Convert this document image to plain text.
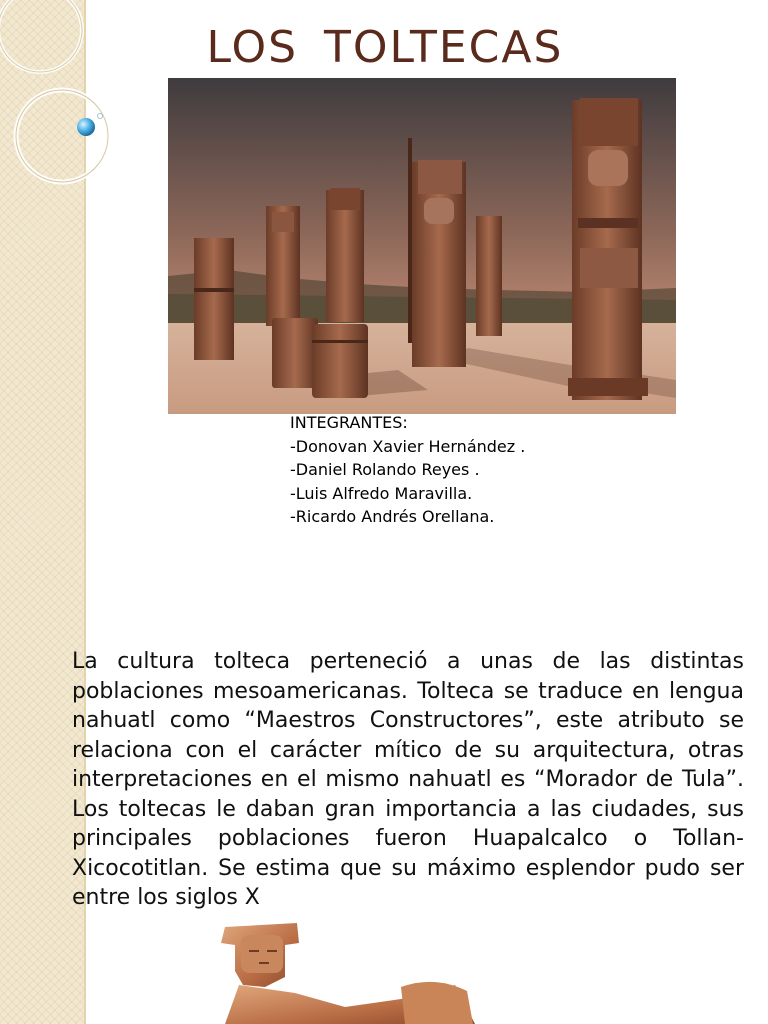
LOS TOLTECAS
INTEGRANTES:
-Donovan Xavier Hernández .
-Daniel Rolando Reyes .
-Luis Alfredo Maravilla.
-Ricardo Andrés Orellana.

La cultura tolteca perteneció a unas de las distintas poblaciones mesoamericanas. Tolteca se traduce en lengua nahuatl como “Maestros Constructores”, este atributo se relaciona con el carácter mítico de su arquitectura, otras interpretaciones en el mismo nahuatl es “Morador de Tula”. Los toltecas le daban gran importancia a las ciudades, sus principales poblaciones fueron Huapalcalco o Tollan-Xicocotitlan. Se estima que su máximo esplendor pudo ser entre los siglos X
